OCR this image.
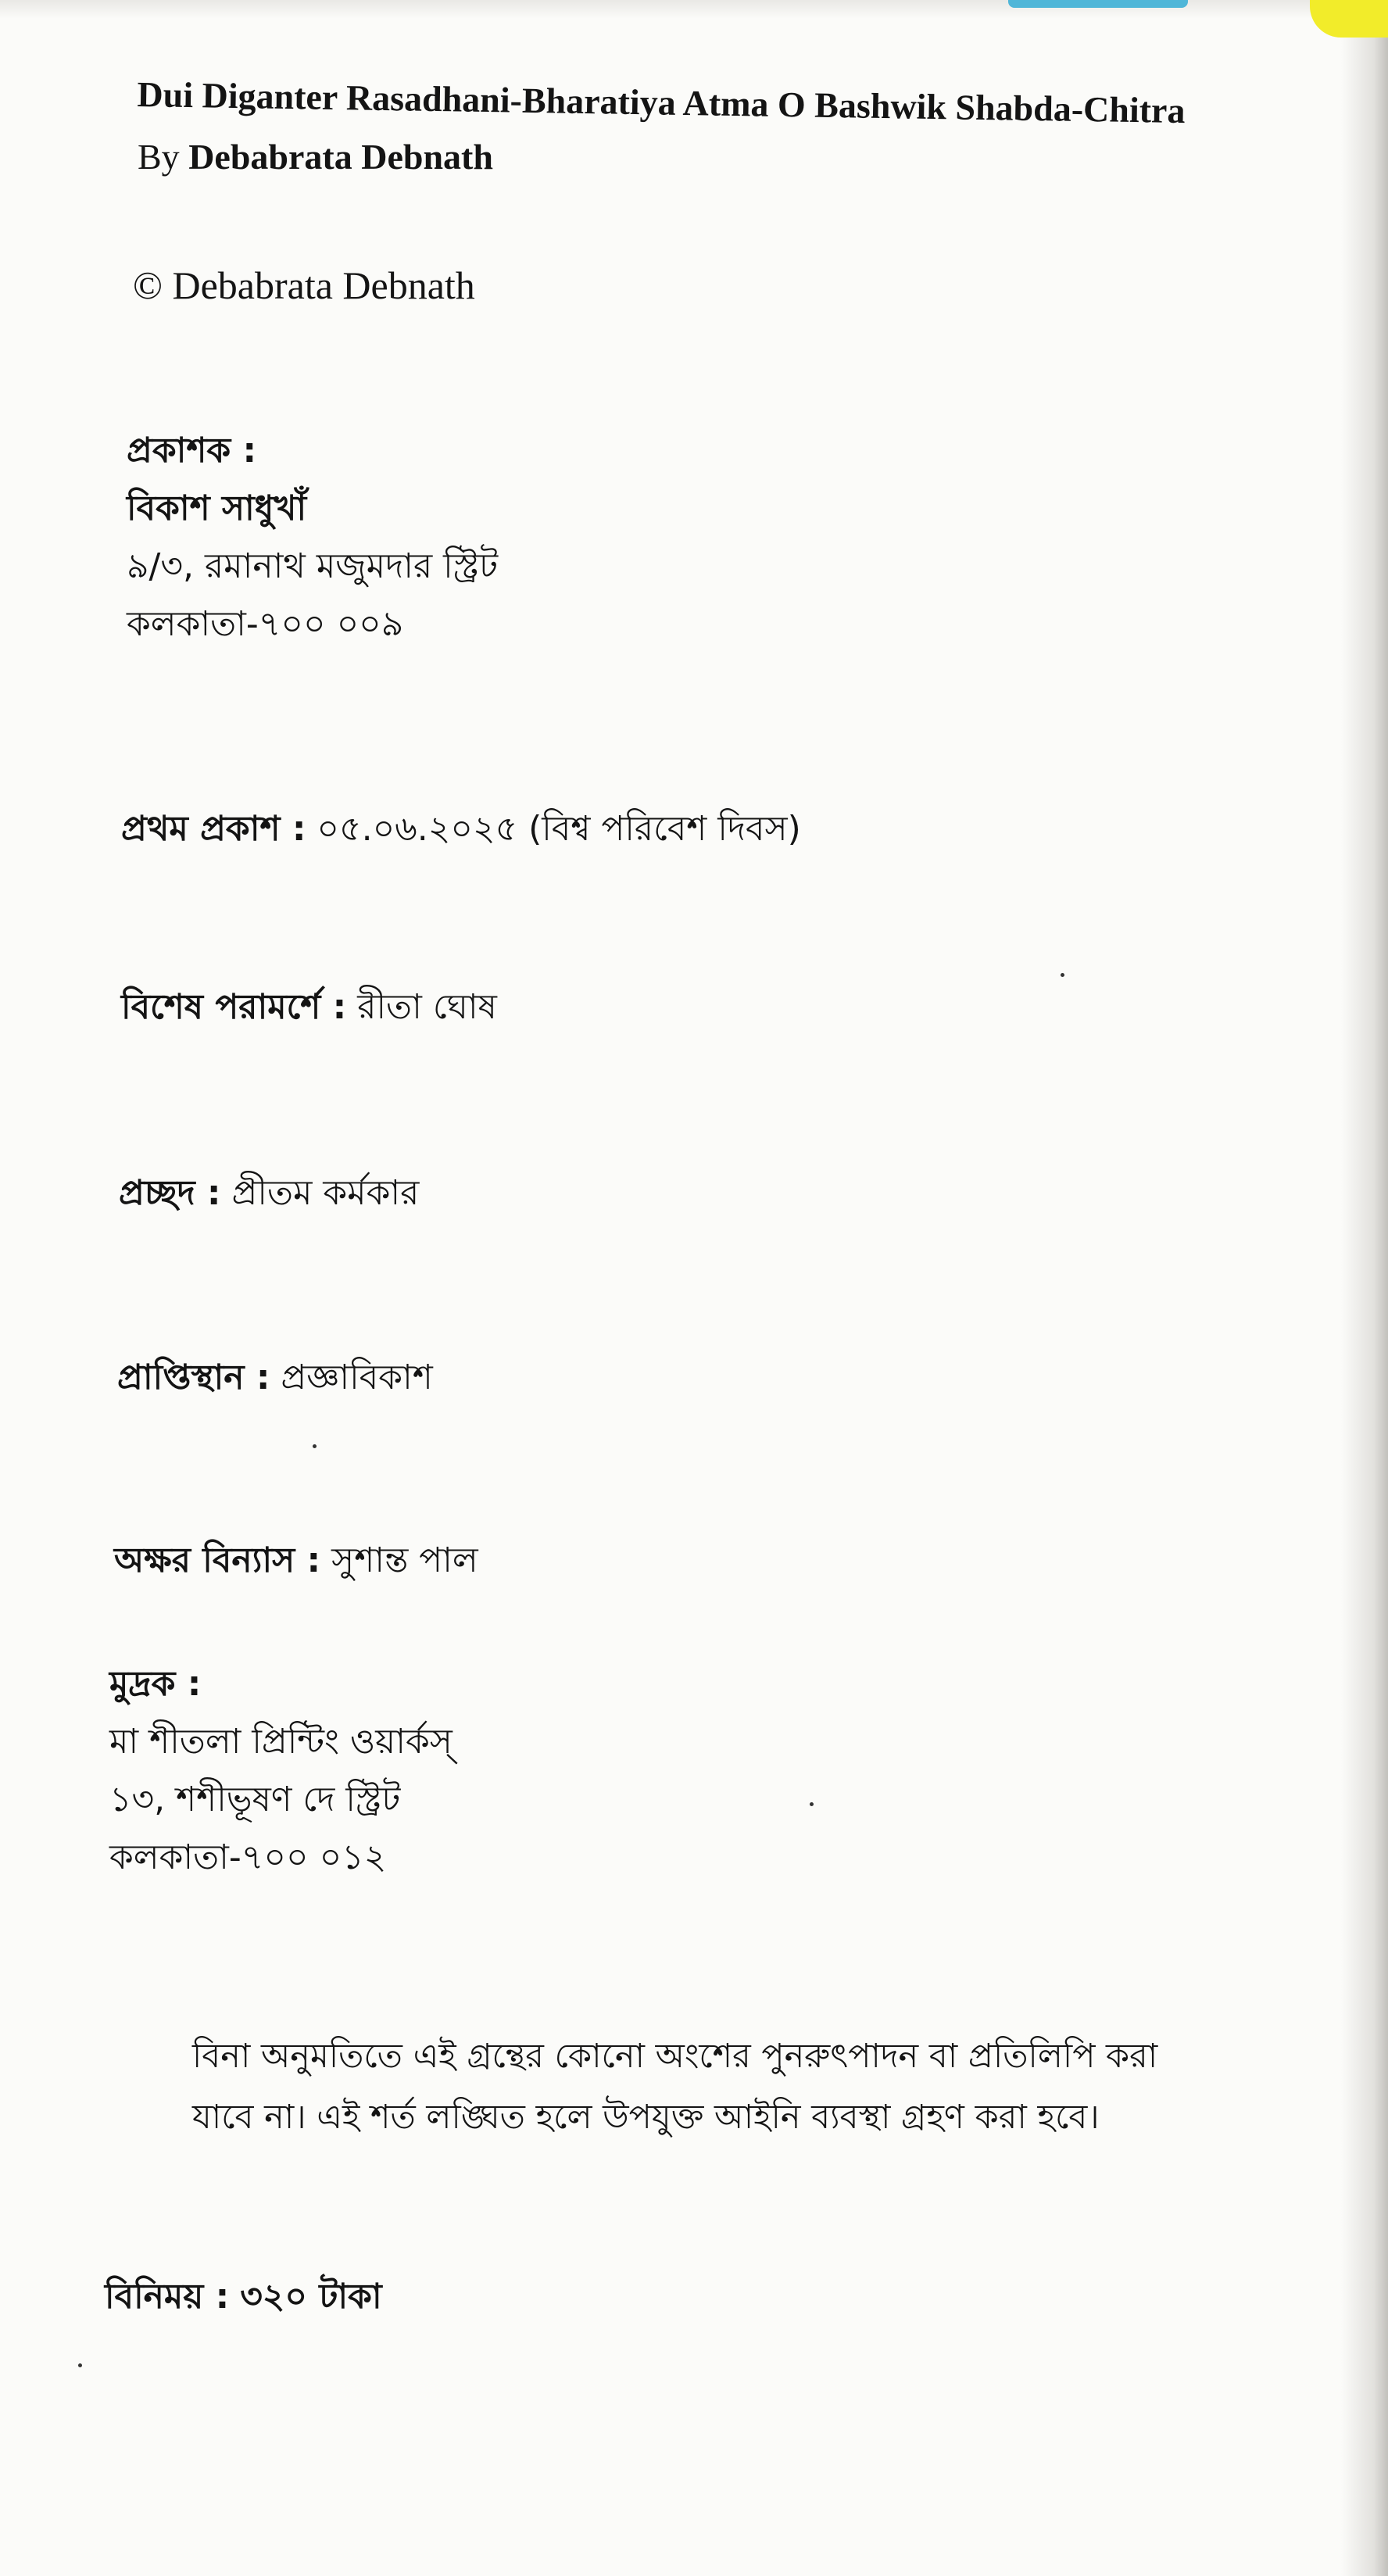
Dui Diganter Rasadhani-Bharatiya Atma O Bashwik Shabda-Chitra
By Debabrata Debnath
© Debabrata Debnath
প্রকাশক :
বিকাশ সাধুখাঁ
৯/৩, রমানাথ মজুমদার স্ট্রিট
কলকাতা-৭০০ ০০৯
প্রথম প্রকাশ : ০৫.০৬.২০২৫ (বিশ্ব পরিবেশ দিবস)
বিশেষ পরামর্শে : রীতা ঘোষ
প্রচ্ছদ : প্রীতম কর্মকার
প্রাপ্তিস্থান : প্রজ্ঞাবিকাশ
অক্ষর বিন্যাস : সুশান্ত পাল
মুদ্রক :
মা শীতলা প্রিন্টিং ওয়ার্কস্
১৩, শশীভূষণ দে স্ট্রিট
কলকাতা-৭০০ ০১২
বিনা অনুমতিতে এই গ্রন্থের কোনো অংশের পুনরুৎপাদন বা প্রতিলিপি করা
যাবে না। এই শর্ত লঙ্ঘিত হলে উপযুক্ত আইনি ব্যবস্থা গ্রহণ করা হবে।
বিনিময় : ৩২০ টাকা
